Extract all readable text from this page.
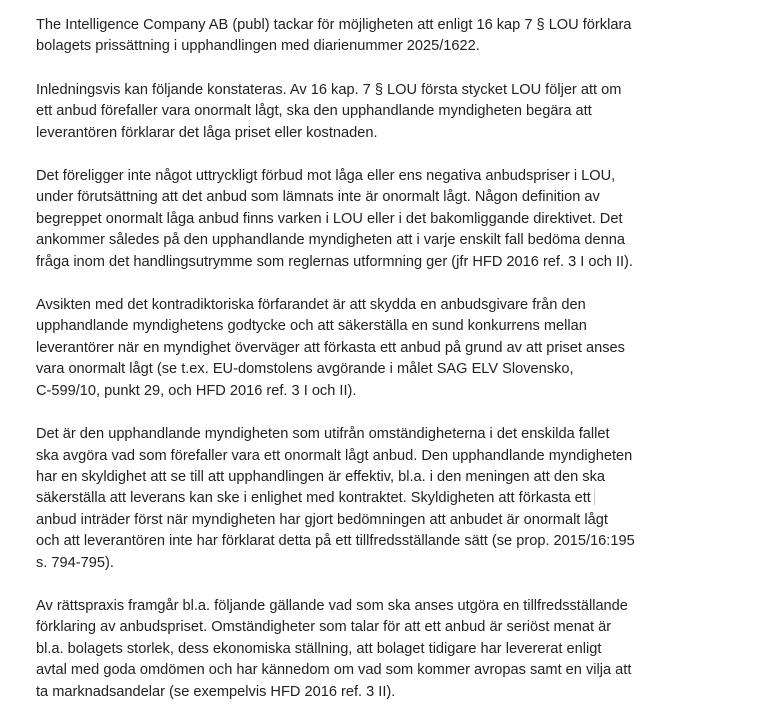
The Intelligence Company AB (publ) tackar för möjligheten att enligt 16 kap 7 § LOU förklara
bolagets prissättning i upphandlingen med diarienummer 2025/1622.

Inledningsvis kan följande konstateras. Av 16 kap. 7 § LOU första stycket LOU följer att om
ett anbud förefaller vara onormalt lågt, ska den upphandlande myndigheten begära att
leverantören förklarar det låga priset eller kostnaden.

Det föreligger inte något uttryckligt förbud mot låga eller ens negativa anbudspriser i LOU,
under förutsättning att det anbud som lämnats inte är onormalt lågt. Någon definition av
begreppet onormalt låga anbud finns varken i LOU eller i det bakomliggande direktivet. Det
ankommer således på den upphandlande myndigheten att i varje enskilt fall bedöma denna
fråga inom det handlingsutrymme som reglernas utformning ger (jfr HFD 2016 ref. 3 I och II).

Avsikten med det kontradiktoriska förfarandet är att skydda en anbudsgivare från den
upphandlande myndighetens godtycke och att säkerställa en sund konkurrens mellan
leverantörer när en myndighet överväger att förkasta ett anbud på grund av att priset anses
vara onormalt lågt (se t.ex. EU-domstolens avgörande i målet SAG ELV Slovensko,
C-599/10, punkt 29, och HFD 2016 ref. 3 I och II).

Det är den upphandlande myndigheten som utifrån omständigheterna i det enskilda fallet
ska avgöra vad som förefaller vara ett onormalt lågt anbud. Den upphandlande myndigheten
har en skyldighet att se till att upphandlingen är effektiv, bl.a. i den meningen att den ska
säkerställa att leverans kan ske i enlighet med kontraktet. Skyldigheten att förkasta ett
anbud inträder först när myndigheten har gjort bedömningen att anbudet är onormalt lågt
och att leverantören inte har förklarat detta på ett tillfredsställande sätt (se prop. 2015/16:195
s. 794-795).

Av rättspraxis framgår bl.a. följande gällande vad som ska anses utgöra en tillfredsställande
förklaring av anbudspriset. Omständigheter som talar för att ett anbud är seriöst menat är
bl.a. bolagets storlek, dess ekonomiska ställning, att bolaget tidigare har levererat enligt
avtal med goda omdömen och har kännedom om vad som kommer avropas samt en vilja att
ta marknadsandelar (se exempelvis HFD 2016 ref. 3 II).
